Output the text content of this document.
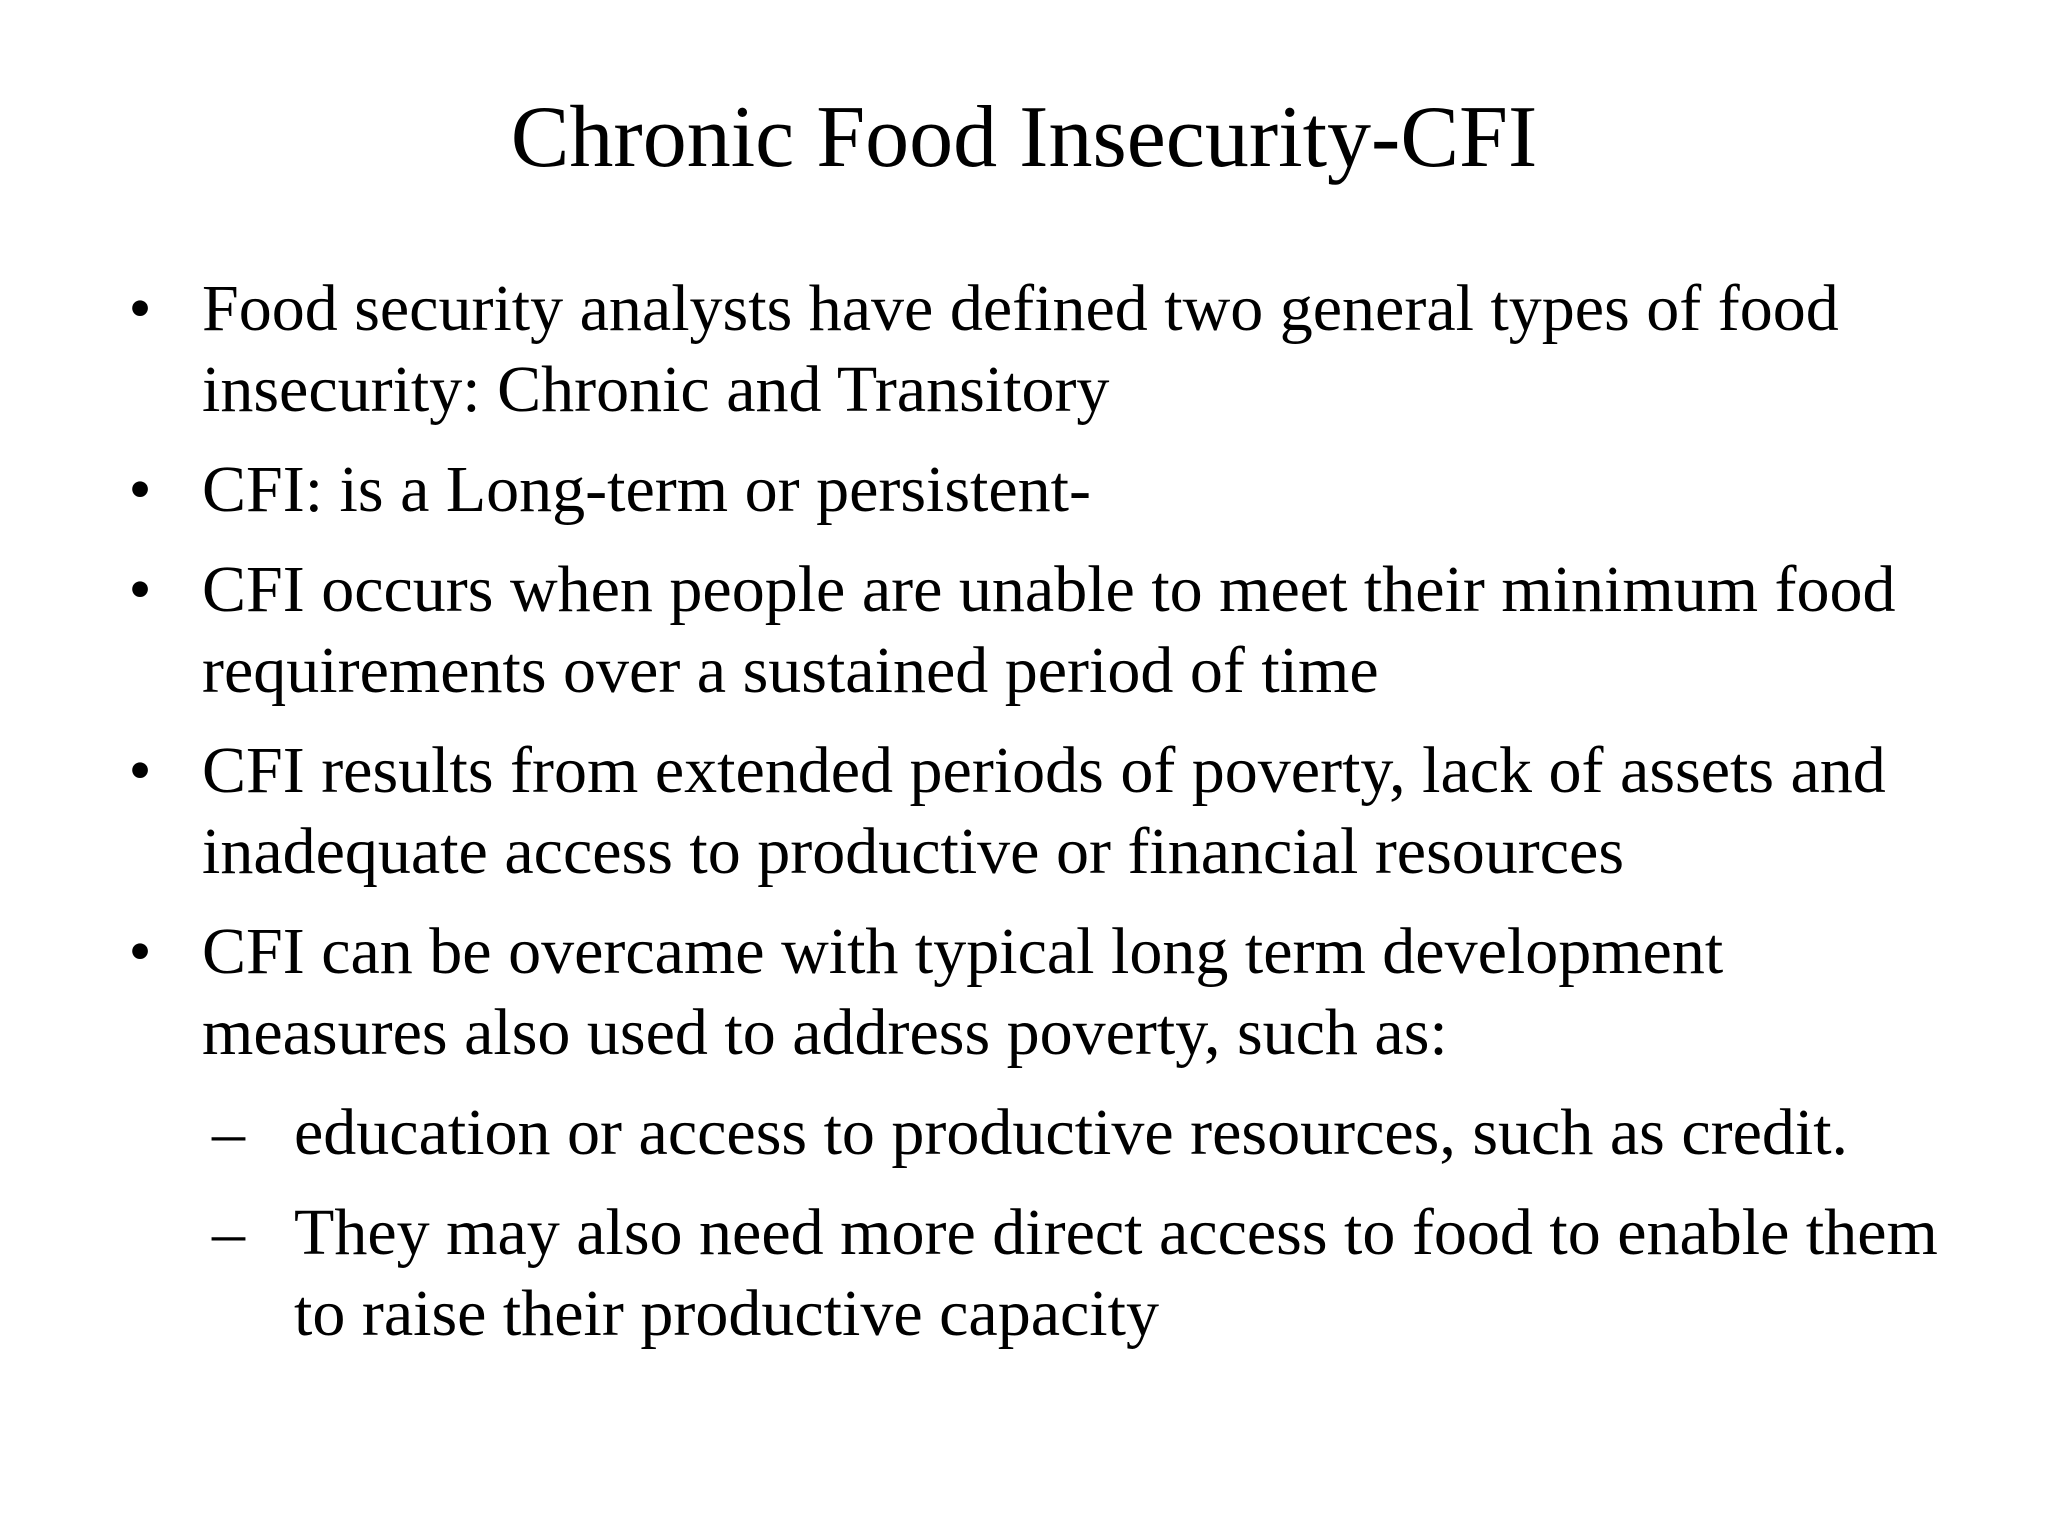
Chronic Food Insecurity-CFI
• Food security analysts have defined two general types of food insecurity: Chronic and Transitory
• CFI: is a Long-term or persistent-
• CFI occurs when people are unable to meet their minimum food requirements over a sustained period of time
• CFI results from extended periods of poverty, lack of assets and inadequate access to productive or financial resources
• CFI can be overcame with typical long term development measures also used to address poverty, such as:
– education or access to productive resources, such as credit.
– They may also need more direct access to food to enable them to raise their productive capacity
